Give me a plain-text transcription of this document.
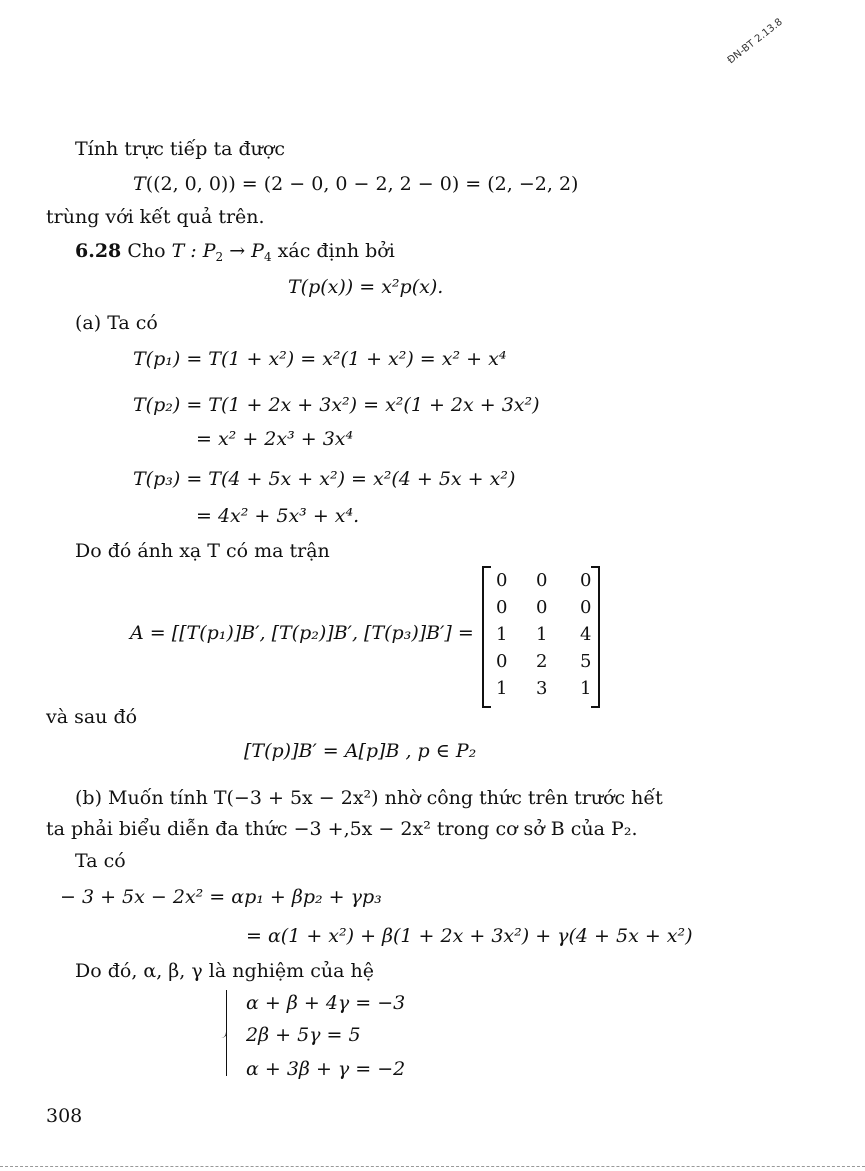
ĐN-BT 2.13.8
Tính trực tiếp ta được
T((2, 0, 0)) = (2 − 0, 0 − 2, 2 − 0) = (2, −2, 2)
trùng với kết quả trên.
6.28 Cho T : $P_2 \to P_4$ xác định bởi
T(p(x)) = x²p(x).
(a) Ta có
T(p₁) = T(1 + x²) = x²(1 + x²) = x² + x⁴
T(p₂) = T(1 + 2x + 3x²) = x²(1 + 2x + 3x²)
= x² + 2x³ + 3x⁴
T(p₃) = T(4 + 5x + x²) = x²(4 + 5x + x²)
= 4x² + 5x³ + x⁴.
Do đó ánh xạ T có ma trận
A = [[T(p₁)]B′, [T(p₂)]B′, [T(p₃)]B′] =
0	0	0
0	0	0
1	1	4
0	2	5
1	3	1
và sau đó
[T(p)]B′ = A[p]B , p ∈ P₂
(b) Muốn tính T(−3 + 5x − 2x²) nhờ công thức trên trước hết
ta phải biểu diễn đa thức −3 +‚5x − 2x² trong cơ sở B của P₂.
Ta có
− 3 + 5x − 2x² = αp₁ + βp₂ + γp₃
= α(1 + x²) + β(1 + 2x + 3x²) + γ(4 + 5x + x²)
Do đó, α, β, γ là nghiệm của hệ
α + β + 4γ = −3
2β + 5γ = 5
α + 3β + γ = −2
308
